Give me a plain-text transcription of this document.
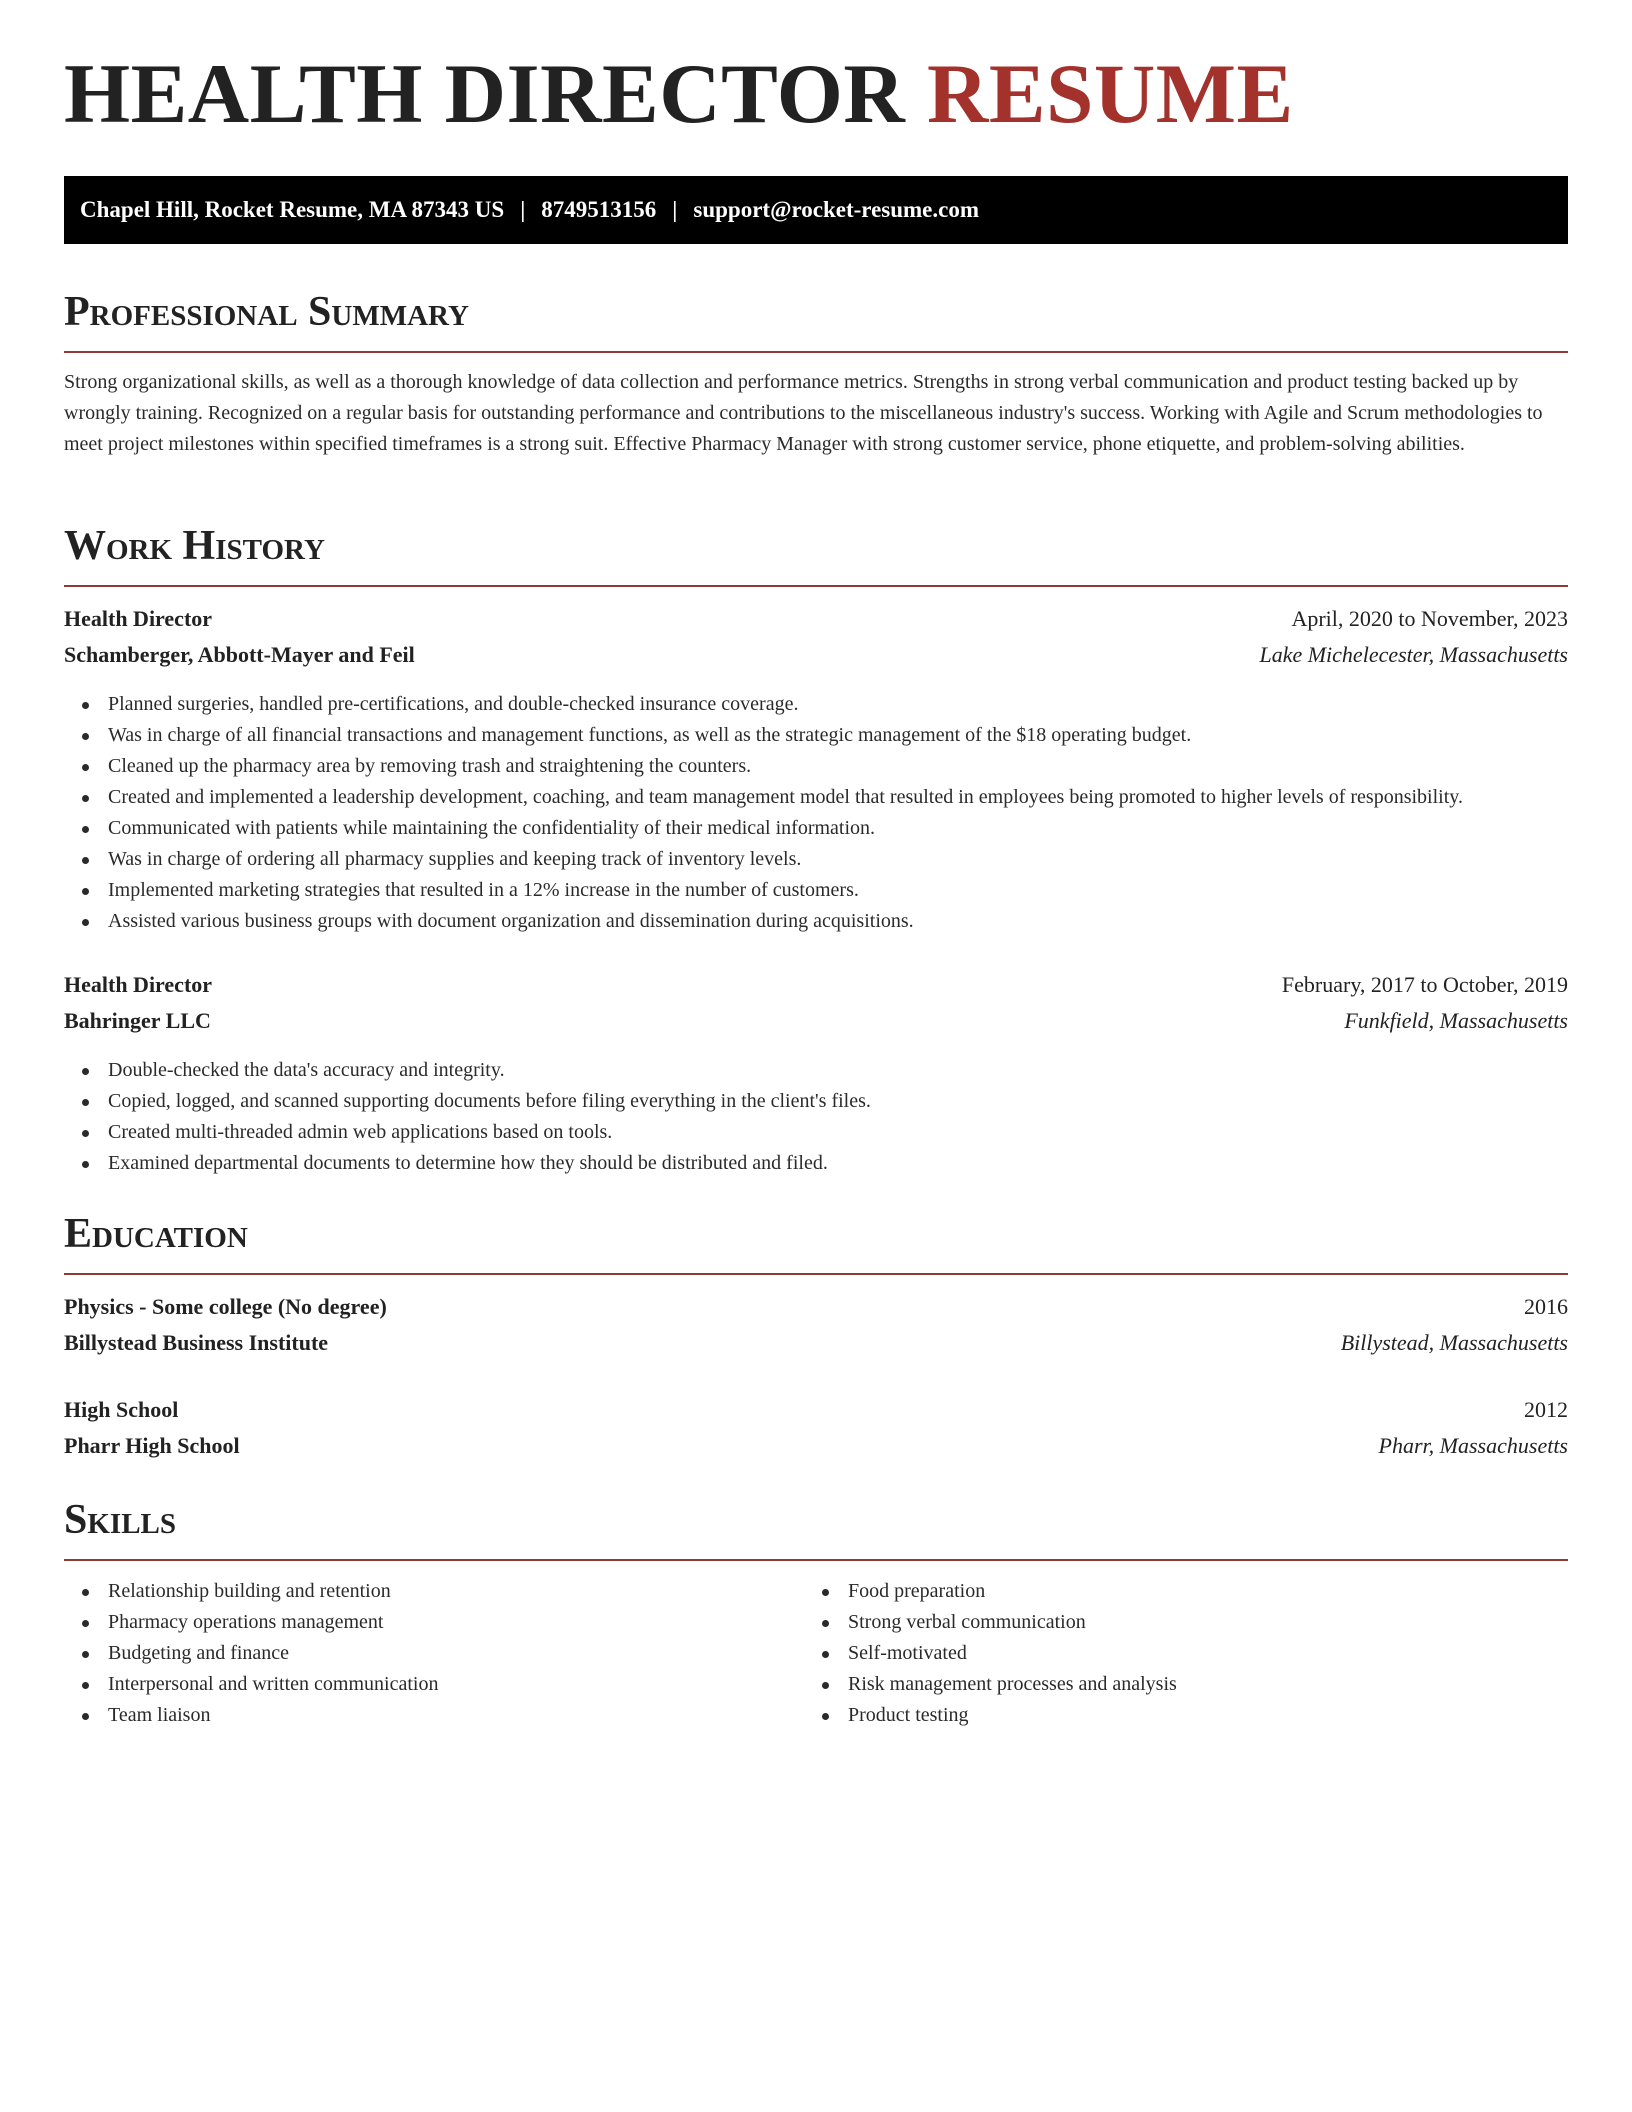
HEALTH DIRECTOR RESUME
Chapel Hill, Rocket Resume, MA 87343 US | 8749513156 | support@rocket-resume.com
Professional Summary

Strong organizational skills, as well as a thorough knowledge of data collection and performance metrics. Strengths in strong verbal communication and product testing backed up by wrongly training. Recognized on a regular basis for outstanding performance and contributions to the miscellaneous industry's success. Working with Agile and Scrum methodologies to meet project milestones within specified timeframes is a strong suit. Effective Pharmacy Manager with strong customer service, phone etiquette, and problem-solving abilities.

Work History
Health Director	April, 2020 to November, 2023
Schamberger, Abbott-Mayer and Feil	Lake Michelecester, Massachusetts
Planned surgeries, handled pre-certifications, and double-checked insurance coverage.
Was in charge of all financial transactions and management functions, as well as the strategic management of the $18 operating budget.
Cleaned up the pharmacy area by removing trash and straightening the counters.
Created and implemented a leadership development, coaching, and team management model that resulted in employees being promoted to higher levels of responsibility.
Communicated with patients while maintaining the confidentiality of their medical information.
Was in charge of ordering all pharmacy supplies and keeping track of inventory levels.
Implemented marketing strategies that resulted in a 12% increase in the number of customers.
Assisted various business groups with document organization and dissemination during acquisitions.
Health Director	February, 2017 to October, 2019
Bahringer LLC	Funkfield, Massachusetts
Double-checked the data's accuracy and integrity.
Copied, logged, and scanned supporting documents before filing everything in the client's files.
Created multi-threaded admin web applications based on tools.
Examined departmental documents to determine how they should be distributed and filed.
Education
Physics - Some college (No degree)	2016
Billystead Business Institute	Billystead, Massachusetts
High School	2012
Pharr High School	Pharr, Massachusetts
Skills
Relationship building and retention
Pharmacy operations management
Budgeting and finance
Interpersonal and written communication
Team liaison
Food preparation
Strong verbal communication
Self-motivated
Risk management processes and analysis
Product testing
